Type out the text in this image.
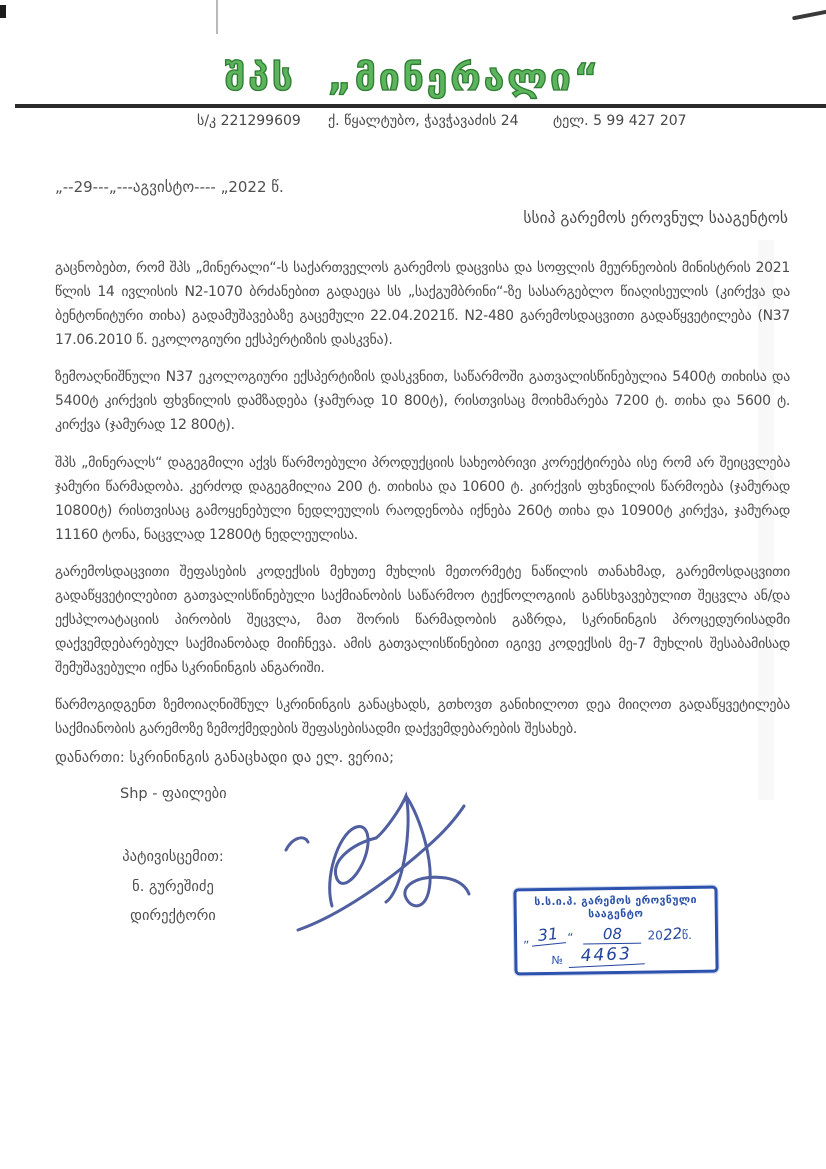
შპს  „მინერალი“
ს/კ 221299609 ქ. წყალტუბო, ჭავჭავაძის 24 ტელ. 5 99 427 207
„--29---„---აგვისტო---- „2022 წ.
სსიპ გარემოს ეროვნულ სააგენტოს

გაცნობებთ, რომ შპს „მინერალი“-ს საქართველოს გარემოს დაცვისა და სოფლის მეურნეობის მინისტრის 2021 წლის 14 ივლისის N2-1070 ბრძანებით გადაეცა სს „საქგუმბრინი“-ზე სასარგებლო წიაღისეულის (კირქვა და ბენტონიტური თიხა) გადამუშავებაზე გაცემული 22.04.2021წ. N2-480 გარემოსდაცვითი გადაწყვეტილება (N37 17.06.2010 წ. ეკოლოგიური ექსპერტიზის დასკვნა).

ზემოაღნიშნული N37 ეკოლოგიური ექსპერტიზის დასკვნით, საწარმოში გათვალისწინებულია 5400ტ თიხისა და 5400ტ კირქვის ფხვნილის დამზადება (ჯამურად 10 800ტ), რისთვისაც მოიხმარება 7200 ტ. თიხა და 5600 ტ. კირქვა (ჯამურად 12 800ტ).

შპს „მინერალს“ დაგეგმილი აქვს წარმოებული პროდუქციის სახეობრივი კორექტირება ისე რომ არ შეიცვლება ჯამური წარმადობა. კერძოდ დაგეგმილია 200 ტ. თიხისა და 10600 ტ. კირქვის ფხვნილის წარმოება (ჯამურად 10800ტ) რისთვისაც გამოყენებული ნედლეულის რაოდენობა იქნება 260ტ თიხა და 10900ტ კირქვა, ჯამურად 11160 ტონა, ნაცვლად 12800ტ ნედლეულისა.

გარემოსდაცვითი შეფასების კოდექსის მეხუთე მუხლის მეთორმეტე ნაწილის თანახმად, გარემოსდაცვითი გადაწყვეტილებით გათვალისწინებული საქმიანობის საწარმოო ტექნოლოგიის განსხვავებულით შეცვლა ან/და ექსპლოატაციის პირობის შეცვლა, მათ შორის წარმადობის გაზრდა, სკრინინგის პროცედურისადმი დაქვემდებარებულ საქმიანობად მიიჩნევა. ამის გათვალისწინებით იგივე კოდექსის მე-7 მუხლის შესაბამისად შემუშავებული იქნა სკრინინგის ანგარიში.

წარმოგიდგენთ ზემოიაღნიშნულ სკრინინგის განაცხადს, გთხოვთ განიხილოთ დეა მიიღოთ გადაწყვეტილება საქმიანობის გარემოზე ზემოქმედების შეფასებისადმი დაქვემდებარების შესახებ.

დანართი: სკრინინგის განაცხადი და ელ. ვერია;
Shp - ფაილები
პატივისცემით:
ნ. გურეშიძე
დირექტორი
ს.ს.ი.პ. გარემოს ეროვნული
სააგენტო
„ 31 “	08	2022წ.
№	4463
